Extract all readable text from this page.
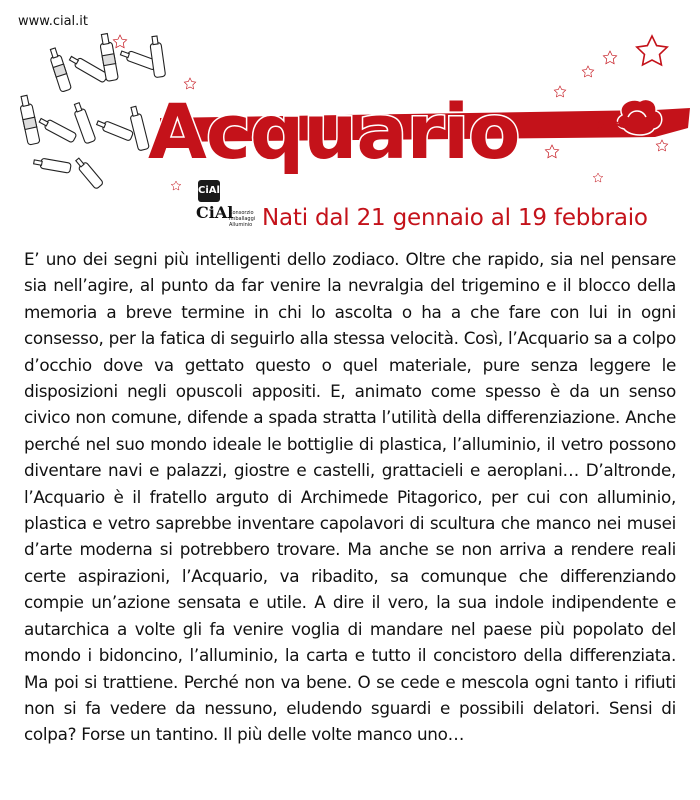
www.cial.it
Acquario
CiAl
CiAl
Consorzio Imballaggi Alluminio Nati dal 21 gennaio al 19 febbraio
E’ uno dei segni più intelligenti dello zodiaco. Oltre che rapido, sia nel pensare sia nell’agire, al punto da far venire la nevralgia del trigemino e il blocco della memoria a breve termine in chi lo ascolta o ha a che fare con lui in ogni consesso, per la fatica di seguirlo alla stessa velocità. Così, l’Acquario sa a colpo d’occhio dove va gettato questo o quel materiale, pure senza leggere le disposizioni negli opuscoli appositi. E, animato come spesso è da un senso civico non comune, difende a spada stratta l’utilità della differenziazione. Anche perché nel suo mondo ideale le bottiglie di plastica, l’alluminio, il vetro possono diventare navi e palazzi, giostre e castelli, grattacieli e aeroplani… D’altronde, l’Acquario è il fratello arguto di Archimede Pitagorico, per cui con alluminio, plastica e vetro saprebbe inventare capolavori di scultura che manco nei musei d’arte moderna si potrebbero trovare. Ma anche se non arriva a rendere reali certe aspirazioni, l’Acquario, va ribadito, sa comunque che differenziando compie un’azione sensata e utile. A dire il vero, la sua indole indipendente e autarchica a volte gli fa venire voglia di mandare nel paese più popolato del mondo i bidoncino, l’alluminio, la carta e tutto il concistoro della differenziata. Ma poi si trattiene. Perché non va bene. O se cede e mescola ogni tanto i rifiuti non si fa vedere da nessuno, eludendo sguardi e possibili delatori. Sensi di colpa? Forse un tantino. Il più delle volte manco uno…
